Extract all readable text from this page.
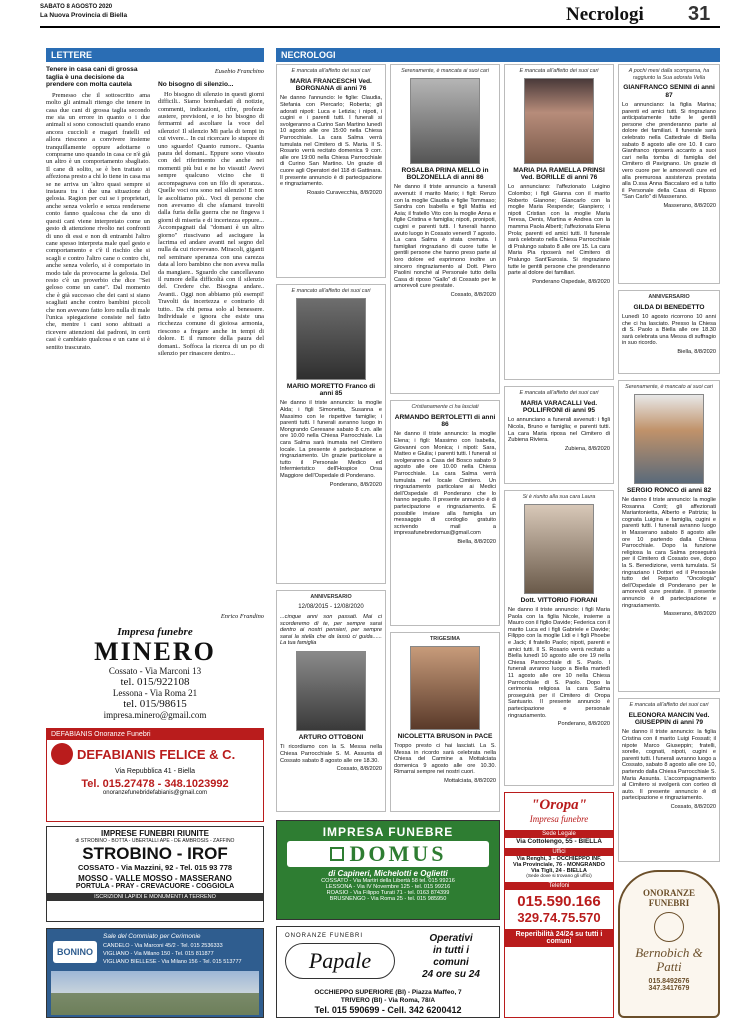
SABATO 8 AGOSTO 2020
La Nuova Provincia di Biella	Necrologi 31
LETTERE
Tenere in casa cani di grossa taglia è una decisione da prendere con molta cautela

Premesso che il sottoscritto ama molto gli animali ritengo che tenere in casa due cani di grossa taglia secondo me sia un errore in quanto o i due animali si sono conosciuti quando erano ancora cuccioli e magari fratelli ed allora riescono a convivere insieme tranquillamente oppure adottarne o comprarne uno quando in casa ce n'è già un altro è un comportamento sbagliato. Il cane di solito, se è ben trattato si affeziona presto a chi lo tiene in casa ma se ne arriva un 'altro quasi sempre si instaura tra i due una situazione di gelosia. Ragion per cui se i proprietari, anche senza volerlo e senza rendersene conto fanno qualcosa che da uno di questi cani viene interpretato come un gesto di attenzione rivolto nei confronti di uno di essi e non di entrambi l'altro cane spesso interpreta male quel gesto e comportamento e c'è il rischio che si scagli e contro l'altro cane o contro chi, anche senza volerlo, si è comportato in modo tale da provocarne la gelosia. Del resto c'è un proverbio che dice "Sei geloso come un cane". Dal momento che è già successo che dei cani si siano scagliati anche contro bambini piccoli che non avevano fatto loro nulla di male l'unica spiegazione consiste nel fatto che, mentre i cani sono abituati a ricevere attenzioni dai padroni, in certi casi è cambiato qualcosa e un cane si è sentito trascurato.

Eusebio Franchino
No bisogno di silenzio...

Ho bisogno di silenzio in questi giorni difficili.. Siamo bombardati di notizie, commenti, indicazioni, cifre, profezie austere, previsioni, e io ho bisogno di fermarmi ad ascoltare la voce del silenzio! Il silenzio Mi parla di tempi in cui vivere... In cui ricercare lo stupore di uno sguardo! Quanto rumore.. Quanta paura del domani.. Eppure sono vissuto con del riferimento che anche nei momenti più bui e ne ho vissuti! Avevi sempre qualcuno vicino che ti accompagnava con un filo di speranza.. Quelle voci ora sono nel silenzio! E non le ascoltiamo più.. Voci di persone che non avevamo di che sfamarsi travolti dalla furia della guerra che ne fingeva i giorni di miseria e di incertezza eppure... Accompagnati dal "domani è un altro giorno" riuscivano ad asciugare la lacrima ed andare avanti nel segno del nulla da cui ricevevano. Miracoli, giganti nel seminare speranza con una carezza data al loro bambino che non aveva nulla da mangiare.. Sguardo che cancellavano il rumore della difficoltà con il silenzio del. Credere che. Bisogna andare.. Avanti.. Oggi non abbiamo più esempi! Travolti da incertezza e contrario di tutto.. Da chi pensa solo al benessere. Individuale e ignora che esiste una ricchezza comune di gioiosa armonia, riescono a fregare anche in tempi di dolore. E il rumore della paura del domani.. Soffoca la ricerca di un po di silenzio per rinascere dentro...

Enrico Frandino
Impresa funebre
MINERO
Cossato - Via Marconi 13
tel. 015/922108
Lessona - Via Roma 21
tel. 015/98615
impresa.minero@gmail.com
DEFABIANIS Onoranze Funebri
DEFABIANIS FELICE & C.
Via Repubblica 41 - Biella
Tel. 015.27478 - 348.1023992
onoranzefunebridefabianis@gmail.com
IMPRESE FUNEBRI RIUNITE
di STROBINO - BOTTA - UBERTALLI APE - DE AMBROSIS - ZAFFINO
STROBINO - IROF
COSSATO - Via Mazzini, 92 - Tel. 015 93 778
MOSSO - VALLE MOSSO - MASSERANO
PORTULA - PRAY - CREVACUORE - COGGIOLA
ISCRIZIONI LAPIDI E MONUMENTI A TERRENO
BONINO
Sale del Commiato per Cerimonie
CANDELO - Via Marconi 45/2 - Tel. 015 2536333
VIGLIANO - Via Milano 150 - Tel. 015 811877
VIGLIANO BIELLESE - Via Milano 156 - Tel. 015 513777
NECROLOGI
È mancata all'affetto dei suoi cari
MARIA FRANCESCHI Ved. BORGNANA di anni 76
Ne danno l'annuncio: le figlie: Claudia, Stefania con Piercarlo; Roberta; gli adorati nipoti: Luca e Letizia; i nipoti, i cugini e i parenti tutti. I funerali si svolgeranno a Curino San Martino lunedì 10 agosto alle ore 15:00 nella Chiesa Parrocchiale. La cara Salma verrà tumulata nel Cimitero di S. Maria. Il S. Rosario verrà recitato domenica 9 corr. alle ore 19:00 nella Chiesa Parrocchiale di Curino San Martino. Un grazie di cuore agli Operatori del 118 di Gattinara. Il presente annuncio è di partecipazione e ringraziamento.
Roasio Curavecchia, 8/8/2020
È mancato all'affetto dei suoi cari
MARIO MORETTO Franco di anni 85
Ne danno il triste annuncio: la moglie Alda; i figli Simonetta, Susanna e Massimo con le rispettive famiglie; i parenti tutti. I funerali avranno luogo in Mongrando Ceresane sabato 8 c.m. alle ore 10.00 nella Chiesa Parrocchiale. La cara Salma sarà inumata nel Cimitero locale. La presente è partecipazione e ringraziamento. Un grazie particolare a tutto il Personale Medico ed Infermieristico dell'Hospice Orsa Maggiore dell'Ospedale di Ponderano.
Ponderano, 8/8/2020
ANNIVERSARIO
12/08/2015 - 12/08/2020
...cinque anni son passati. Mai ci scorderemo di te, per sempre sarai dentro ai nostri pensieri, per sempre sarai la stella che da lassù ci guida...... La tua famiglia
ARTURO OTTOBONI
Ti ricordiamo con la S. Messa nella Chiesa Parrocchiale S. M. Assunta di Cossato sabato 8 agosto alle ore 18.30.
Cossato, 8/8/2020
Serenamente, è mancata ai suoi cari
ROSALBA PRINA MELLO in BOLZONELLA di anni 86
Ne danno il triste annuncio a funerali avvenuti: il marito Mario; i figli: Renzo con la moglie Claudia e figlie Tommaso; Sandra con Isabella e figli Mattia ed Asia; il fratello Vito con la moglie Anna e figlie Cristina e famiglia; nipoti, pronipoti, cugini e parenti tutti. I funerali hanno avuto luogo in Cossato venerdì 7 agosto. La cara Salma è stata cremata. I famigliari ringraziano di cuore tutte le gentili persone che hanno preso parte al loro dolore ed esprimono inoltre un sincero ringraziamento al Dott. Piero Paolini nonché al Personale tutto della Casa di riposo "Gallo" di Cossato per le amorevoli cure prestate.
Cossato, 8/8/2020
Cristianamente ci ha lasciati
ARMANDO BERTOLETTI di anni 86
Ne danno il triste annuncio: la moglie Elena; i figli: Massimo con Isabella, Giovanni con Monica; i nipoti: Sara, Matteo e Giulia; i parenti tutti. I funerali si svolgeranno a Casa del Bosco sabato 9 agosto alle ore 10.00 nella Chiesa Parrocchiale. La cara Salma verrà tumulata nel locale Cimitero. Un ringraziamento particolare ai Medici dell'Ospedale di Ponderano che lo hanno seguito. Il presente annuncio è di partecipazione e ringraziamento. È possibile inviare alla famiglia un messaggio di cordoglio gratuito scrivendo mail a impresafunebredomus@gmail.com
Biella, 8/8/2020
TRIGESIMA
NICOLETTA BRUSON in PACE
Troppo presto ci hai lasciati. La S. Messa in ricordo sarà celebrata nella Chiesa del Carmine a Mottalciata domenica 9 agosto alle ore 10.30. Rimarrai sempre nei nostri cuori.
Mottalciata, 8/8/2020
È mancata all'affetto dei suoi cari
MARIA PIA RAMELLA PRINSI Ved. BORILLE di anni 76
Lo annunciano: l'affezionato Luigino Colombo; i figli Gianna con il marito Roberto Gianone; Giancarlo con la moglie Maria Respende; Gianpiero; i nipoti Cristian con la moglie Maria Teresa, Denis, Martina e Andrea con la mamma Paola Alberti; l'affezionata Elena Prola; parenti ed amici tutti. Il funerale sarà celebrato nella Chiesa Parrocchiale di Pralungo sabato 8 alle ore 15. La cara Maria Pia riposerà nel Cimitero di Pralungo Sant'Eurosia. Si ringraziano tutte le gentili persone che prenderanno parte al dolore dei familiari.
Ponderano Ospedale, 8/8/2020
È mancata all'affetto dei suoi cari
MARIA VARACALLI Ved. POLLIFRONI di anni 95
Lo annunciano a funerali avvenuti: i figli Nicola, Bruno e famiglia; e parenti tutti. La cara Maria riposa nel Cimitero di Zubiena Riviera.
Zubiena, 8/8/2020
Si è riunito alla sua cara Laura
Dott. VITTORIO FIORANI
Ne danno il triste annuncio: i figli Maria Paola con la figlia Nicole, insieme a Mauro con il figlio Davide; Federica con il marito Luca ed i figli Gabriele e Davide; Filippo con la moglie Lidi e i figli Phoebe e Jack; il fratello Paolo; nipoti, parenti e amici tutti. Il S. Rosario verrà recitato a Biella lunedì 10 agosto alle ore 19 nella Chiesa Parrocchiale di S. Paolo. I funerali avranno luogo a Biella martedì 11 agosto alle ore 10 nella Chiesa Parrocchiale di S. Paolo. Dopo la cerimonia religiosa la cara Salma proseguirà per il Cimitero di Oropa Santuario. Il presente annuncio è partecipazione e personale ringraziamento.
Ponderano, 8/8/2020
A pochi mesi dalla scomparsa, ha raggiunto la Sua adorata Vella
GIANFRANCO SENINI di anni 87
Lo annunciano: la figlia Marina; parenti ed amici tutti. Si ringraziano anticipatamente tutte le gentili persone che prenderanno parte al dolore dei familiari. Il funerale sarà celebrato nella Cattedrale di Biella sabato 8 agosto alle ore 10. Il caro Gianfranco riposerà accanto a suoi cari nella tomba di famiglia del Cimitero di Pavignano. Un grazie di vero cuore per le amorevoli cure ed alla premurosa assistenza prestata alla D.ssa Anna Baccalaro ed a tutto il Personale della Casa di Riposo "San Carlo" di Masserano.
Masserano, 8/8/2020
ANNIVERSARIO
GILDA DI BENEDETTO
Lunedì 10 agosto ricorrono 10 anni che ci ha lasciato. Presso la Chiesa di S. Paolo a Biella alle ore 18.30 sarà celebrata una Messa di suffragio in suo ricordo.
Biella, 8/8/2020
Serenamente, è mancato ai suoi cari
SERGIO RONCO di anni 82
Ne danno il triste annuncio: la moglie Rosanna Conti; gli affezionati Mariantonietta, Alberto e Patrizia; la cognata Luigina e famiglia, cugini e parenti tutti. I funerali avranno luogo in Masserano sabato 8 agosto alle ore 10 partendo dalla Chiesa Parrocchiale. Dopo la funzione religiosa la cara Salma proseguirà per il Cimitero di Cossato ove, dopo la S. Benedizione, verrà tumulata. Si ringraziano i Dottori ed il Personale tutto del Reparto "Oncologia" dell'Ospedale di Ponderano per le amorevoli cure prestate. Il presente annuncio è di partecipazione e ringraziamento.
Masserano, 8/8/2020
È mancata all'affetto dei suoi cari
ELEONORA MANCIN Ved. GIUSEPPIN di anni 79
Ne danno il triste annuncio: la figlia Cristina con il marito Luigi Fossati; il nipote Marco Giuseppin; fratelli, sorelle, cognati, nipoti, cugini e parenti tutti. I funerali avranno luogo a Cossato, sabato 8 agosto alle ore 10, partendo dalla Chiesa Parrocchiale S. Maria Assunta. L'accompagnamento al Cimitero si svolgerà con corteo di auto. Il presente annuncio è di partecipazione e ringraziamento.
Cossato, 8/8/2020
IMPRESA FUNEBRE
DOMUS
di Capineri, Michelotti e Oglietti
COSSATO - Via Martiri della Libertà 58 tel. 015 99216
LESSONA - Via IV Novembre 125 - tel. 015 99216
ROASIO - Via Filippo Turati 71 - tel. 0163 874399
BRUSNENGO - Via Roma 25 - tel. 015 985950
ONORANZE FUNEBRI
Papale
Operativi
in tutti i
comuni
24 ore su 24
OCCHIEPPO SUPERIORE (BI) - Piazza Maffeo, 7
TRIVERO (BI) - Via Roma, 78/A
Tel. 015 590699 - Cell. 342 6200412
"Oropa"
Impresa funebre
Sede Legale
Via Cottolengo, 55 - BIELLA
Uffici
Via Renghi, 3 - OCCHIEPPO INF.
Via Provinciale, 76 - MONGRANDO
Via Tigli, 24 - BIELLA
(Sede dove si trovano gli uffici)
Telefoni
015.590.166
329.74.75.570
Reperibilità 24/24 su tutti i comuni
ONORANZE FUNEBRI
Bernobich & Patti
015.8492676
347.3417679
